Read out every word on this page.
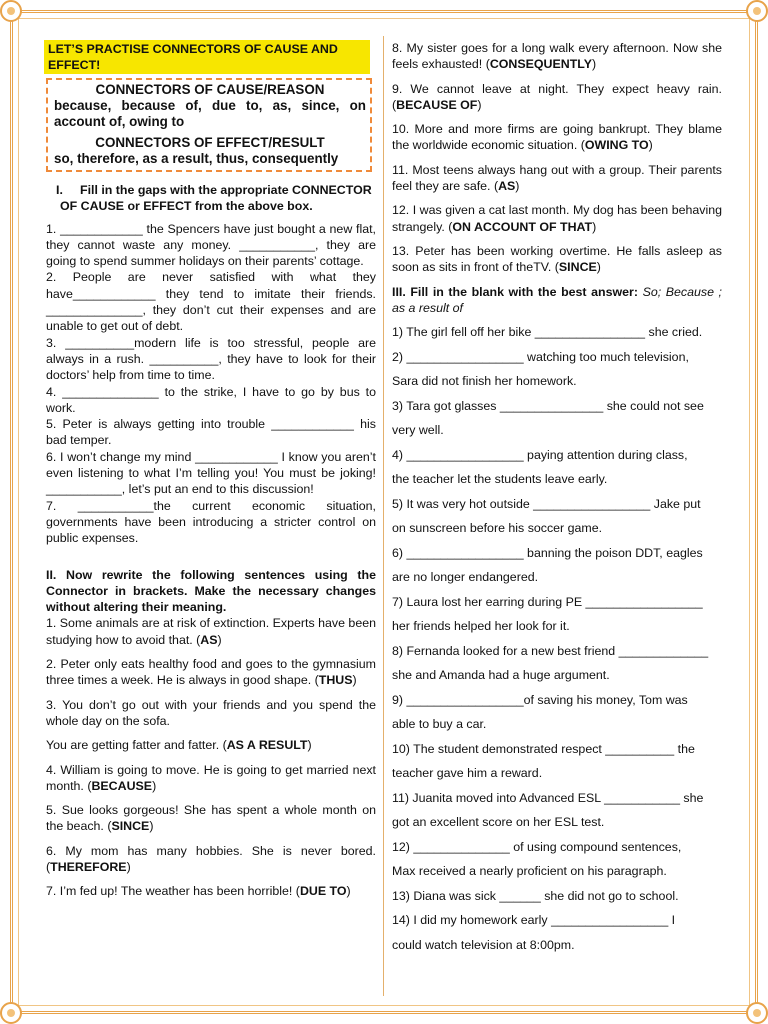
LET’S PRACTISE CONNECTORS OF CAUSE AND EFFECT!
CONNECTORS OF CAUSE/REASON

because, because of, due to, as, since, on account of, owing to

CONNECTORS OF EFFECT/RESULT

so, therefore, as a result, thus, consequently

I. Fill in the gaps with the appropriate CONNECTOR OF CAUSE or EFFECT from the above box.

1. ____________ the Spencers have just bought a new flat, they cannot waste any money. ___________, they are going to spend summer holidays on their parents’ cottage.

2. People are never satisfied with what they have____________ they tend to imitate their friends. ______________, they don’t cut their expenses and are unable to get out of debt.

3. __________modern life is too stressful, people are always in a rush. __________, they have to look for their doctors’ help from time to time.

4. ______________ to the strike, I have to go by bus to work.

5. Peter is always getting into trouble ____________ his bad temper.

6. I won’t change my mind ____________ I know you aren’t even listening to what I’m telling you! You must be joking! ___________, let’s put an end to this discussion!

7. ___________the current economic situation, governments have been introducing a stricter control on public expenses.

II. Now rewrite the following sentences using the Connector in brackets. Make the necessary changes without altering their meaning.

1. Some animals are at risk of extinction. Experts have been studying how to avoid that. (AS)

2. Peter only eats healthy food and goes to the gymnasium three times a week. He is always in good shape. (THUS)

3. You don’t go out with your friends and you spend the whole day on the sofa.

You are getting fatter and fatter. (AS A RESULT)

4. William is going to move. He is going to get married next month. (BECAUSE)

5. Sue looks gorgeous! She has spent a whole month on the beach. (SINCE)

6. My mom has many hobbies. She is never bored. (THEREFORE)

7. I’m fed up! The weather has been horrible! (DUE TO)

8. My sister goes for a long walk every afternoon. Now she feels exhausted! (CONSEQUENTLY)

9. We cannot leave at night. They expect heavy rain. (BECAUSE OF)

10. More and more firms are going bankrupt. They blame the worldwide economic situation. (OWING TO)

11. Most teens always hang out with a group. Their parents feel they are safe. (AS)

12. I was given a cat last month. My dog has been behaving strangely. (ON ACCOUNT OF THAT)

13. Peter has been working overtime. He falls asleep as soon as sits in front of theTV. (SINCE)

III. Fill in the blank with the best answer: So; Because ; as a result of

1) The girl fell off her bike ________________ she cried.

2) _________________ watching too much television,

Sara did not finish her homework.

3) Tara got glasses _______________ she could not see

very well.

4) _________________ paying attention during class,

the teacher let the students leave early.

5) It was very hot outside _________________ Jake put

on sunscreen before his soccer game.

6) _________________ banning the poison DDT, eagles

are no longer endangered.

7) Laura lost her earring during PE _________________

her friends helped her look for it.

8) Fernanda looked for a new best friend _____________

she and Amanda had a huge argument.

9) _________________of saving his money, Tom was

able to buy a car.

10) The student demonstrated respect __________ the

teacher gave him a reward.

11) Juanita moved into Advanced ESL ___________ she

got an excellent score on her ESL test.

12) ______________ of using compound sentences,

Max received a nearly proficient on his paragraph.

13) Diana was sick ______ she did not go to school.

14) I did my homework early _________________ I

could watch television at 8:00pm.
